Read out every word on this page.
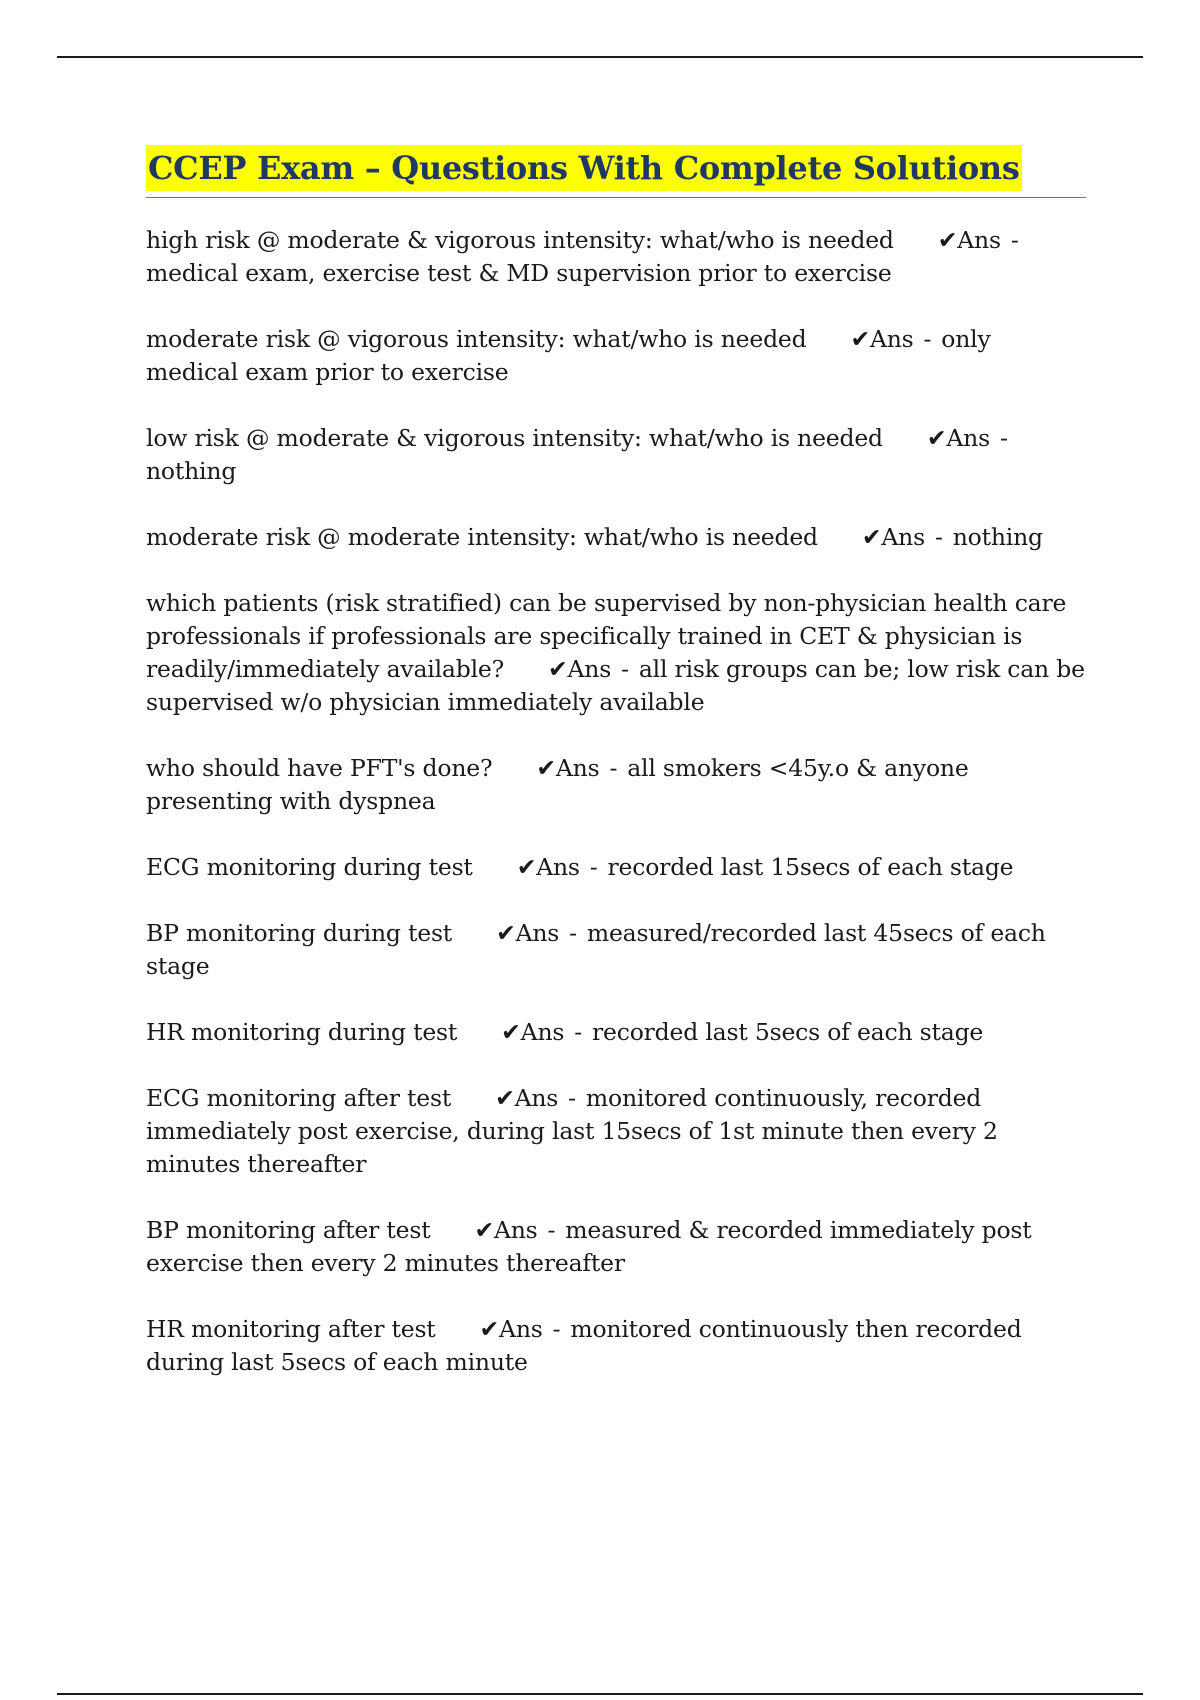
CCEP Exam – Questions With Complete Solutions

high risk @ moderate & vigorous intensity: what/who is needed ✔Ans -medical exam, exercise test & MD supervision prior to exercise

moderate risk @ vigorous intensity: what/who is needed ✔Ans - only medical exam prior to exercise

low risk @ moderate & vigorous intensity: what/who is needed ✔Ans -nothing

moderate risk @ moderate intensity: what/who is needed ✔Ans - nothing

which patients (risk stratified) can be supervised by non-physician health care professionals if professionals are specifically trained in CET & physician is readily/immediately available? ✔Ans - all risk groups can be; low risk can be supervised w/o physician immediately available

who should have PFT's done? ✔Ans - all smokers <45y.o & anyone presenting with dyspnea

ECG monitoring during test ✔Ans - recorded last 15secs of each stage

BP monitoring during test ✔Ans - measured/recorded last 45secs of each stage

HR monitoring during test ✔Ans - recorded last 5secs of each stage

ECG monitoring after test ✔Ans - monitored continuously, recorded immediately post exercise, during last 15secs of 1st minute then every 2 minutes thereafter

BP monitoring after test ✔Ans - measured & recorded immediately post exercise then every 2 minutes thereafter

HR monitoring after test ✔Ans - monitored continuously then recorded during last 5secs of each minute
